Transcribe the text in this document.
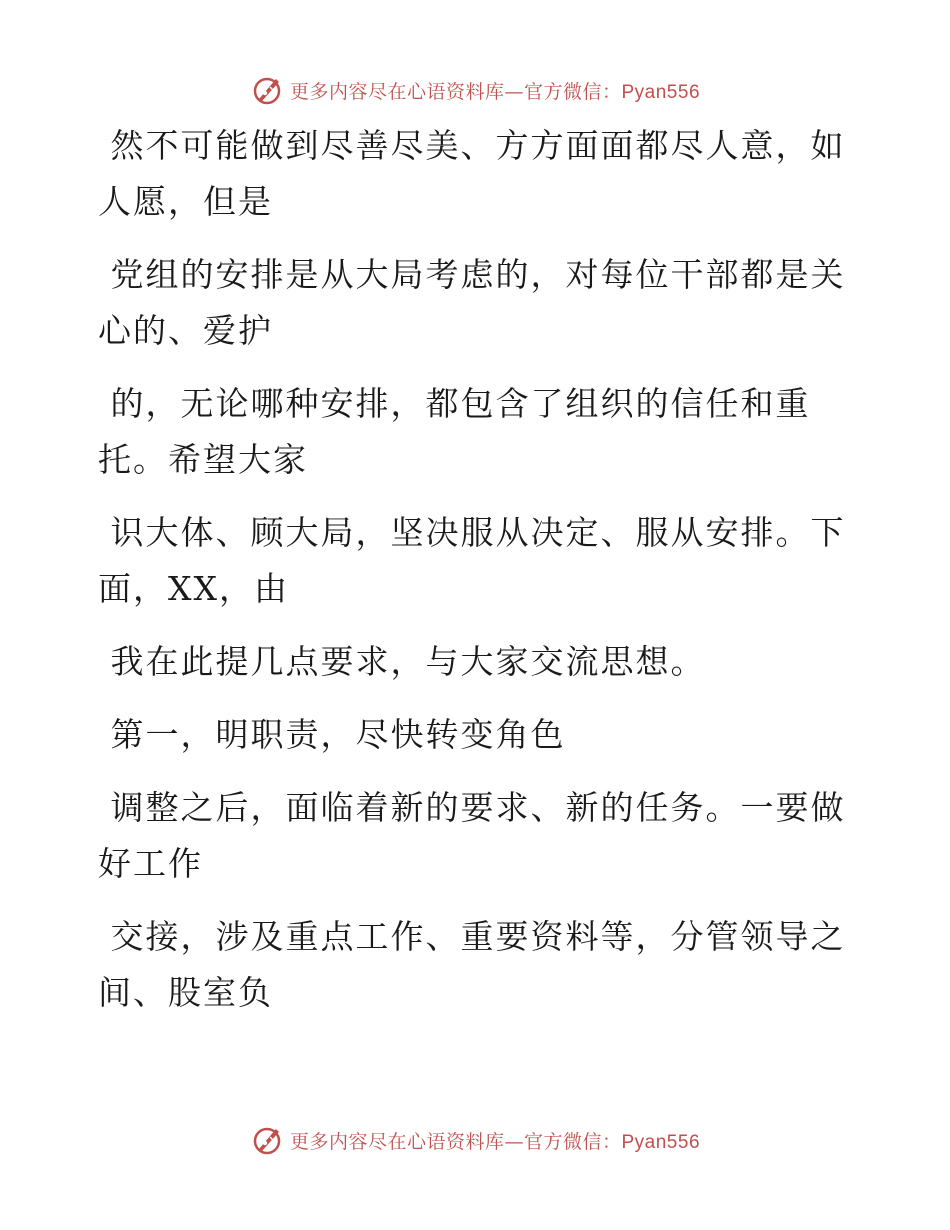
更多内容尽在心语资料库—官方微信：Pyan556

然不可能做到尽善尽美、方方面面都尽人意，如
人愿，但是

党组的安排是从大局考虑的，对每位干部都是关
心的、爱护

的，无论哪种安排，都包含了组织的信任和重
托。希望大家

识大体、顾大局，坚决服从决定、服从安排。下
面，XX，由

我在此提几点要求，与大家交流思想。

第一，明职责，尽快转变角色

调整之后，面临着新的要求、新的任务。一要做
好工作

交接，涉及重点工作、重要资料等，分管领导之
间、股室负

更多内容尽在心语资料库—官方微信：Pyan556
